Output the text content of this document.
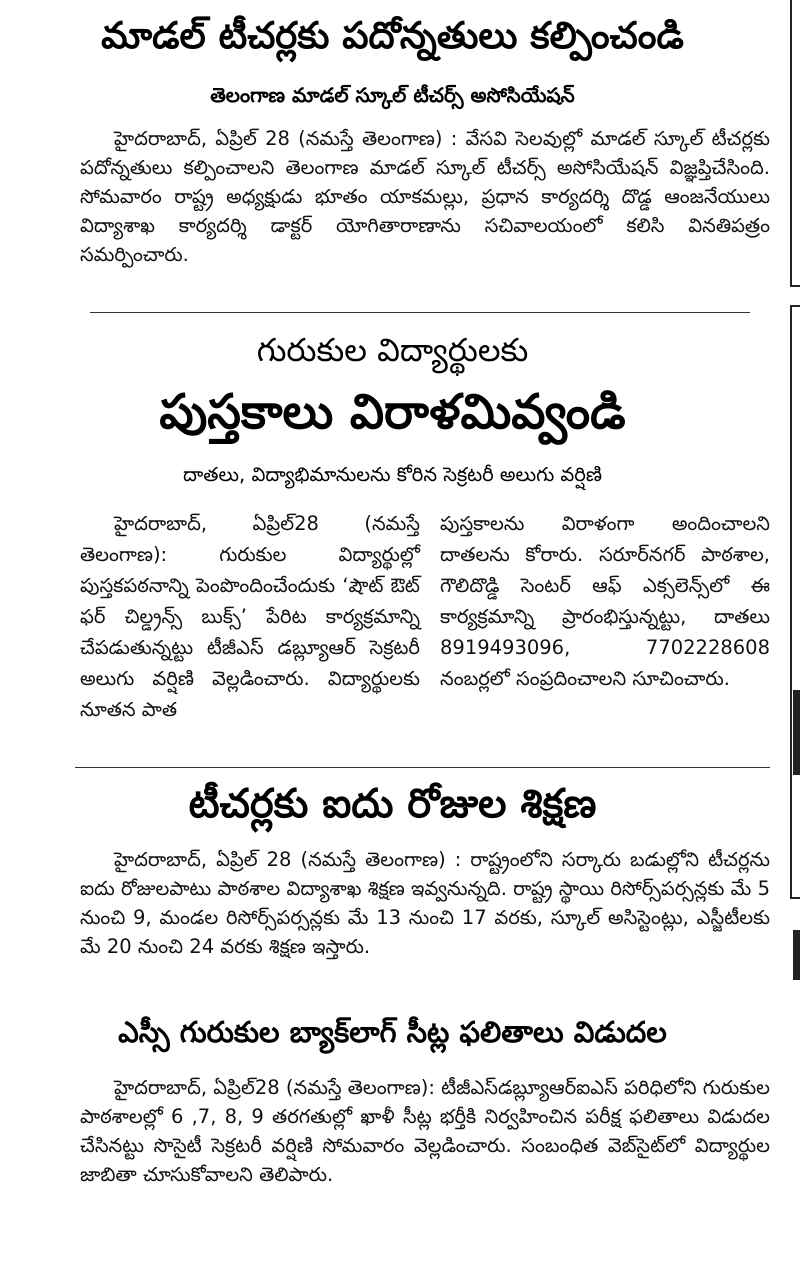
మాడల్ టీచర్లకు పదోన్నతులు కల్పించండి
తెలంగాణ మాడల్ స్కూల్ టీచర్స్ అసోసియేషన్

హైదరాబాద్, ఏప్రిల్ 28 (నమస్తే తెలంగాణ) : వేసవి సెలవుల్లో మాడల్ స్కూల్ టీచర్లకు పదోన్నతులు కల్పించాలని తెలంగాణ మాడల్ స్కూల్ టీచర్స్ అసోసియేషన్ విజ్ఞప్తిచేసింది. సోమవారం రాష్ట్ర అధ్యక్షుడు భూతం యాకమల్లు, ప్రధాన కార్యదర్శి దొడ్డ ఆంజనేయులు విద్యాశాఖ కార్యదర్శి డాక్టర్ యోగితారాణాను సచివాలయంలో కలిసి వినతిపత్రం సమర్పించారు.

గురుకుల విద్యార్థులకు
పుస్తకాలు విరాళమివ్వండి
దాతలు, విద్యాభిమానులను కోరిన సెక్రటరీ అలుగు వర్షిణి

హైదరాబాద్, ఏప్రిల్28 (నమస్తే తెలంగాణ): గురుకుల విద్యార్థుల్లో పుస్తకపఠనాన్ని పెంపొందించేందుకు ‘షౌట్ ఔట్ ఫర్ చిల్డ్రన్స్ బుక్స్’ పేరిట కార్యక్రమాన్ని చేపడుతున్నట్టు టీజీఎస్ డబ్ల్యూఆర్ సెక్రటరీ అలుగు వర్షిణి వెల్లడించారు. విద్యార్థులకు నూతన పాత

పుస్తకాలను విరాళంగా అందించాలని దాతలను కోరారు. సరూర్‌నగర్ పాఠశాల, గౌలిదొడ్డి సెంటర్ ఆఫ్ ఎక్సలెన్స్‌లో ఈ కార్యక్రమాన్ని ప్రారంభిస్తున్నట్టు, దాతలు 8919493096, 7702228608 నంబర్లలో సంప్రదించాలని సూచించారు.

టీచర్లకు ఐదు రోజుల శిక్షణ

హైదరాబాద్, ఏప్రిల్ 28 (నమస్తే తెలంగాణ) : రాష్ట్రంలోని సర్కారు బడుల్లోని టీచర్లను ఐదు రోజులపాటు పాఠశాల విద్యాశాఖ శిక్షణ ఇవ్వనున్నది. రాష్ట్ర స్థాయి రిసోర్స్‌పర్సన్లకు మే 5 నుంచి 9, మండల రిసోర్స్‌పర్సన్లకు మే 13 నుంచి 17 వరకు, స్కూల్ అసిస్టెంట్లు, ఎస్జీటీలకు మే 20 నుంచి 24 వరకు శిక్షణ ఇస్తారు.

ఎస్సీ గురుకుల బ్యాక్‌లాగ్ సీట్ల ఫలితాలు విడుదల

హైదరాబాద్, ఏప్రిల్28 (నమస్తే తెలంగాణ): టీజీఎస్‌డబ్ల్యూఆర్‌ఐఎస్ పరిధిలోని గురుకుల పాఠశాలల్లో 6 ,7, 8, 9 తరగతుల్లో ఖాళీ సీట్ల భర్తీకి నిర్వహించిన పరీక్ష ఫలితాలు విడుదల చేసినట్టు సొసైటీ సెక్రటరీ వర్షిణి సోమవారం వెల్లడించారు. సంబంధిత వెబ్‌సైట్‌లో విద్యార్థుల జాబితా చూసుకోవాలని తెలిపారు.
